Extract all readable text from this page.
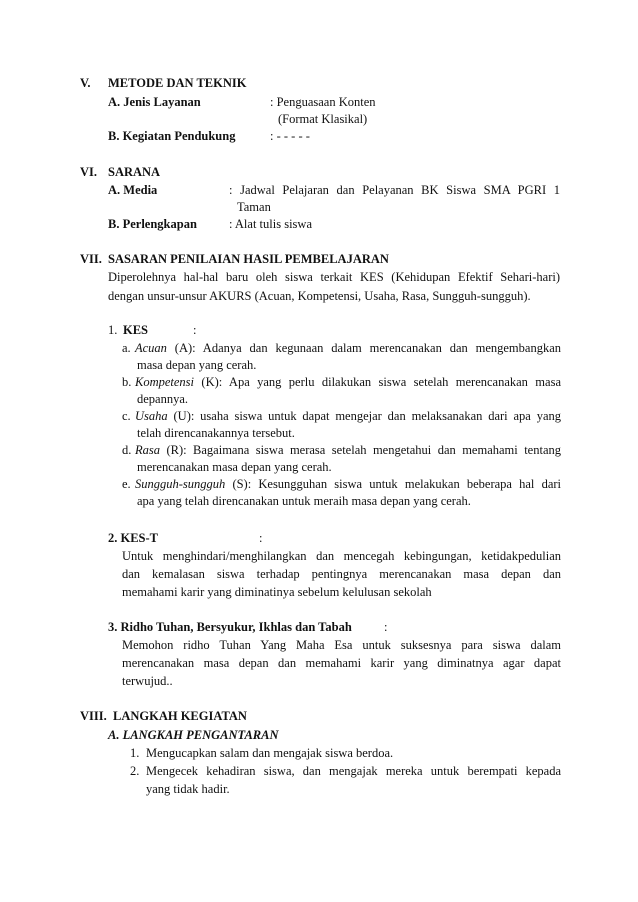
V. METODE DAN TEKNIK
A. Jenis Layanan	: Penguasaan Konten
(Format Klasikal)
B. Kegiatan Pendukung	: - - - - -
VI. SARANA
A. Media	: Jadwal Pelajaran dan Pelayanan BK Siswa SMA PGRI 1
Taman
B. Perlengkapan	: Alat tulis siswa
VII. SASARAN PENILAIAN HASIL PEMBELAJARAN
Diperolehnya hal-hal baru oleh siswa terkait KES (Kehidupan Efektif Sehari-hari)
dengan unsur-unsur AKURS (Acuan, Kompetensi, Usaha, Rasa, Sungguh-sungguh).
1. KES	:
a. Acuan (A): Adanya dan kegunaan dalam merencanakan dan mengembangkan
masa depan yang cerah.
b. Kompetensi (K): Apa yang perlu dilakukan siswa setelah merencanakan masa
depannya.
c. Usaha (U): usaha siswa untuk dapat mengejar dan melaksanakan dari apa yang
telah direncanakannya tersebut.
d. Rasa (R): Bagaimana siswa merasa setelah mengetahui dan memahami tentang
merencanakan masa depan yang cerah.
e. Sungguh-sungguh (S): Kesungguhan siswa untuk melakukan beberapa hal dari
apa yang telah direncanakan untuk meraih masa depan yang cerah.
2. KES-T	:
Untuk menghindari/menghilangkan dan mencegah kebingungan, ketidakpedulian
dan kemalasan siswa terhadap pentingnya merencanakan masa depan dan
memahami karir yang diminatinya sebelum kelulusan sekolah
3. Ridho Tuhan, Bersyukur, Ikhlas dan Tabah	:
Memohon ridho Tuhan Yang Maha Esa untuk suksesnya para siswa dalam
merencanakan masa depan dan memahami karir yang diminatnya agar dapat
terwujud..
VIII. LANGKAH KEGIATAN
A. LANGKAH PENGANTARAN
1. Mengucapkan salam dan mengajak siswa berdoa.
2. Mengecek kehadiran siswa, dan mengajak mereka untuk berempati kepada
yang tidak hadir.
